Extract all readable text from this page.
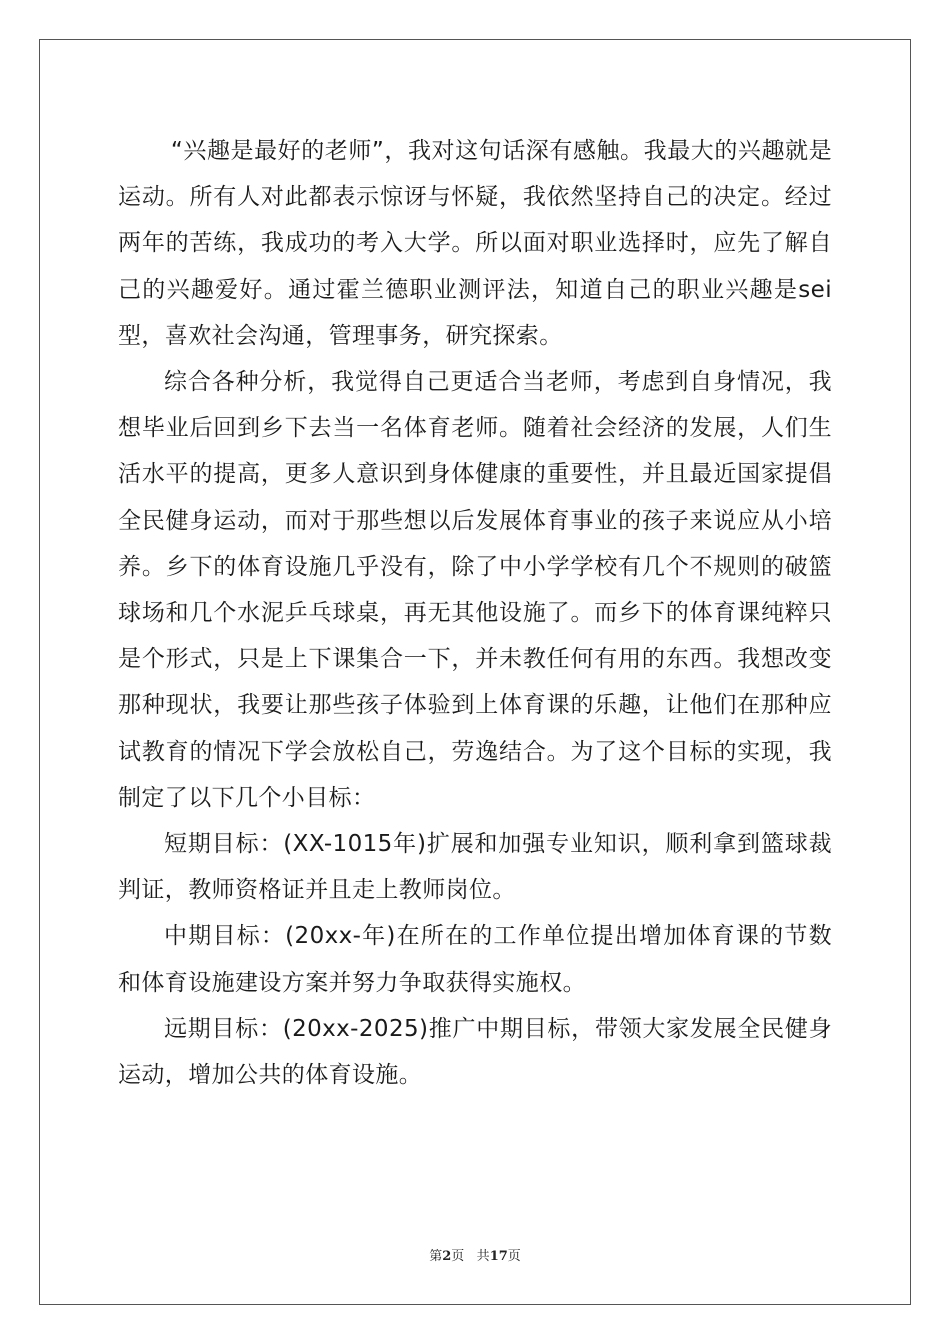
“兴趣是最好的老师”，我对这句话深有感触。我最大的兴趣就是运动。所有人对此都表示惊讶与怀疑，我依然坚持自己的决定。经过两年的苦练，我成功的考入大学。所以面对职业选择时，应先了解自己的兴趣爱好。通过霍兰德职业测评法，知道自己的职业兴趣是sei型，喜欢社会沟通，管理事务，研究探索。

综合各种分析，我觉得自己更适合当老师，考虑到自身情况，我想毕业后回到乡下去当一名体育老师。随着社会经济的发展，人们生活水平的提高，更多人意识到身体健康的重要性，并且最近国家提倡全民健身运动，而对于那些想以后发展体育事业的孩子来说应从小培养。乡下的体育设施几乎没有，除了中小学学校有几个不规则的破篮球场和几个水泥乒乓球桌，再无其他设施了。而乡下的体育课纯粹只是个形式，只是上下课集合一下，并未教任何有用的东西。我想改变那种现状，我要让那些孩子体验到上体育课的乐趣，让他们在那种应试教育的情况下学会放松自己，劳逸结合。为了这个目标的实现，我制定了以下几个小目标：

短期目标：(XX-1015年)扩展和加强专业知识，顺利拿到篮球裁判证，教师资格证并且走上教师岗位。

中期目标：(20xx-年)在所在的工作单位提出增加体育课的节数和体育设施建设方案并努力争取获得实施权。

远期目标：(20xx-2025)推广中期目标，带领大家发展全民健身运动，增加公共的体育设施。

第2页 共17页
